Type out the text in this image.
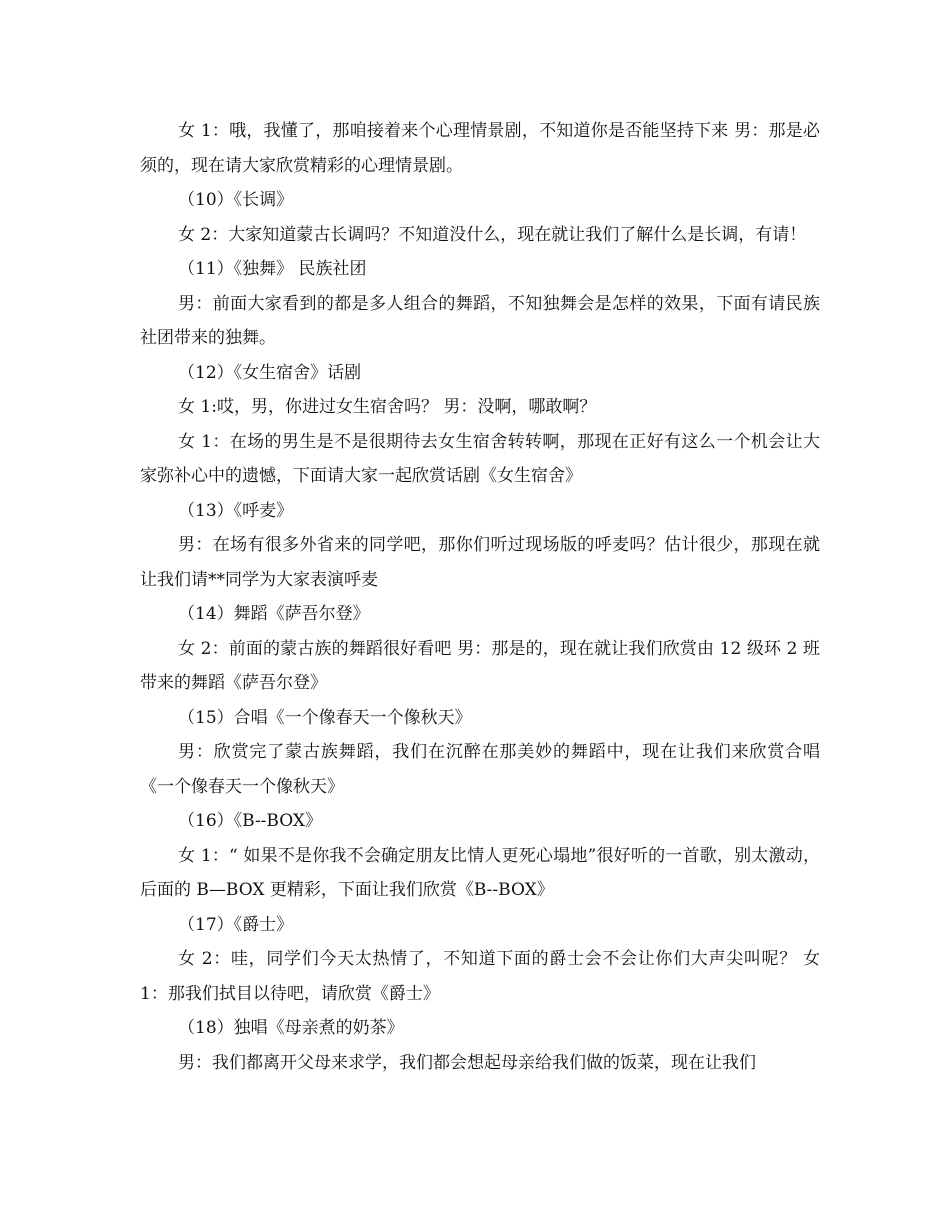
女 1：哦，我懂了，那咱接着来个心理情景剧，不知道你是否能坚持下来 男：那是必须的，现在请大家欣赏精彩的心理情景剧。

（10）《长调》

女 2：大家知道蒙古长调吗？不知道没什么，现在就让我们了解什么是长调，有请！

（11）《独舞》 民族社团

男：前面大家看到的都是多人组合的舞蹈，不知独舞会是怎样的效果，下面有请民族社团带来的独舞。

（12）《女生宿舍》话剧

女 1:哎，男，你进过女生宿舍吗？ 男：没啊，哪敢啊？

女 1：在场的男生是不是很期待去女生宿舍转转啊，那现在正好有这么一个机会让大家弥补心中的遗憾，下面请大家一起欣赏话剧《女生宿舍》

（13）《呼麦》

男：在场有很多外省来的同学吧，那你们听过现场版的呼麦吗？估计很少，那现在就让我们请**同学为大家表演呼麦

（14）舞蹈《萨吾尔登》

女 2：前面的蒙古族的舞蹈很好看吧 男：那是的，现在就让我们欣赏由 12 级环 2 班带来的舞蹈《萨吾尔登》

（15）合唱《一个像春天一个像秋天》

男：欣赏完了蒙古族舞蹈，我们在沉醉在那美妙的舞蹈中，现在让我们来欣赏合唱《一个像春天一个像秋天》

（16）《B--BOX》

女 1：“ 如果不是你我不会确定朋友比情人更死心塌地”很好听的一首歌，别太激动，后面的 B—BOX 更精彩，下面让我们欣赏《B--BOX》

（17）《爵士》

女 2：哇，同学们今天太热情了，不知道下面的爵士会不会让你们大声尖叫呢？ 女 1：那我们拭目以待吧，请欣赏《爵士》

（18）独唱《母亲煮的奶茶》

男：我们都离开父母来求学，我们都会想起母亲给我们做的饭菜，现在让我们
